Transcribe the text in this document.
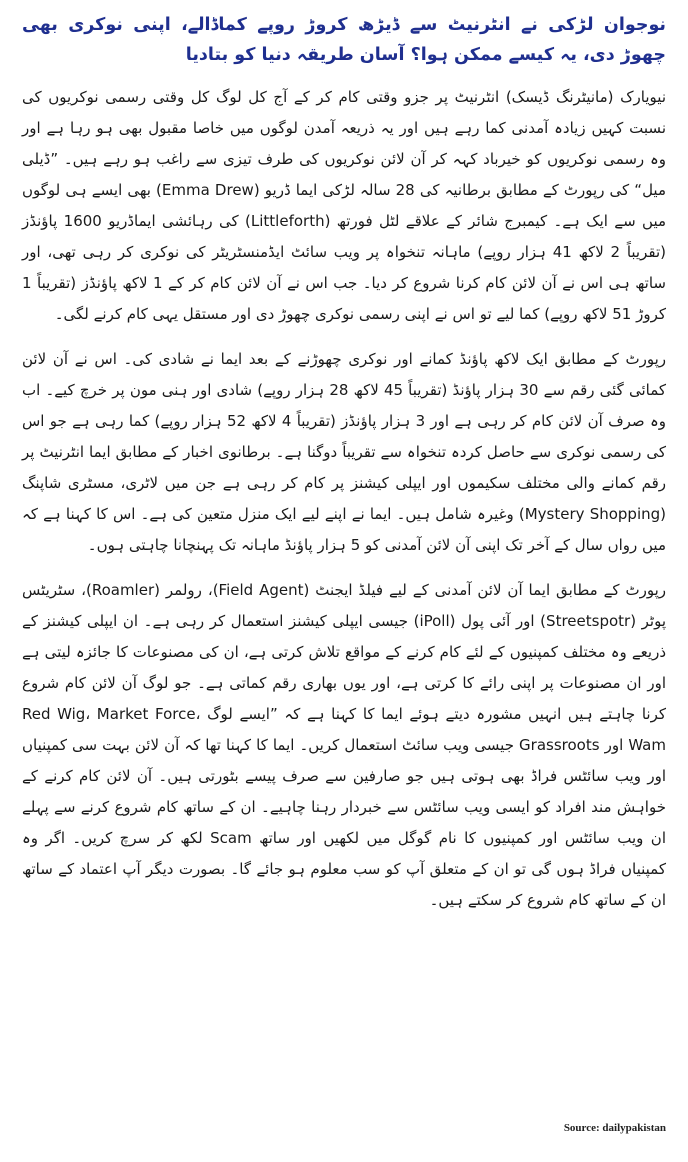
نوجوان لڑکی نے انٹرنیٹ سے ڈیڑھ کروڑ روپے کماڈالے، اپنی نوکری بھی چھوڑ دی، یہ کیسے ممکن ہوا؟ آسان طریقہ دنیا کو بتادیا

نیویارک (مانیٹرنگ ڈیسک) انٹرنیٹ پر جزو وقتی کام کر کے آج کل لوگ کل وقتی رسمی نوکریوں کی نسبت کہیں زیادہ آمدنی کما رہے ہیں اور یہ ذریعہ آمدن لوگوں میں خاصا مقبول بھی ہو رہا ہے اور وہ رسمی نوکریوں کو خیرباد کہہ کر آن لائن نوکریوں کی طرف تیزی سے راغب ہو رہے ہیں۔ ”ڈیلی میل“ کی رپورٹ کے مطابق برطانیہ کی 28 سالہ لڑکی ایما ڈریو (Emma Drew) بھی ایسے ہی لوگوں میں سے ایک ہے۔ کیمبرج شائر کے علاقے لٹل فورتھ (Littleforth) کی رہائشی ایماڈریو 1600 پاﺅنڈز (تقریباً 2 لاکھ 41 ہزار روپے) ماہانہ تنخواہ پر ویب سائٹ ایڈمنسٹریٹر کی نوکری کر رہی تھی، اور ساتھ ہی اس نے آن لائن کام کرنا شروع کر دیا۔ جب اس نے آن لائن کام کر کے 1 لاکھ پاﺅنڈز (تقریباً 1 کروڑ 51 لاکھ روپے) کما لیے تو اس نے اپنی رسمی نوکری چھوڑ دی اور مستقل یہی کام کرنے لگی۔

رپورٹ کے مطابق ایک لاکھ پاﺅنڈ کمانے اور نوکری چھوڑنے کے بعد ایما نے شادی کی۔ اس نے آن لائن کمائی گئی رقم سے 30 ہزار پاﺅنڈ (تقریباً 45 لاکھ 28 ہزار روپے) شادی اور ہنی مون پر خرچ کیے۔ اب وہ صرف آن لائن کام کر رہی ہے اور 3 ہزار پاﺅنڈز (تقریباً 4 لاکھ 52 ہزار روپے) کما رہی ہے جو اس کی رسمی نوکری سے حاصل کردہ تنخواہ سے تقریباً دوگنا ہے۔ برطانوی اخبار کے مطابق ایما انٹرنیٹ پر رقم کمانے والی مختلف سکیموں اور ایپلی کیشنز پر کام کر رہی ہے جن میں لاٹری، مسٹری شاپنگ (Mystery Shopping) وغیرہ شامل ہیں۔ ایما نے اپنے لیے ایک منزل متعین کی ہے۔ اس کا کہنا ہے کہ میں رواں سال کے آخر تک اپنی آن لائن آمدنی کو 5 ہزار پاﺅنڈ ماہانہ تک پہنچانا چاہتی ہوں۔

رپورٹ کے مطابق ایما آن لائن آمدنی کے لیے فیلڈ ایجنٹ (Field Agent)، رولمر (Roamler)، سٹریٹس پوٹر (Streetspotr) اور آئی پول (iPoll) جیسی ایپلی کیشنز استعمال کر رہی ہے۔ ان ایپلی کیشنز کے ذریعے وہ مختلف کمپنیوں کے لئے کام کرنے کے مواقع تلاش کرتی ہے، ان کی مصنوعات کا جائزہ لیتی ہے اور ان مصنوعات پر اپنی رائے کا کرتی ہے، اور یوں بھاری رقم کماتی ہے۔ جو لوگ آن لائن کام شروع کرنا چاہتے ہیں انہیں مشورہ دیتے ہوئے ایما کا کہنا ہے کہ ”ایسے لوگ Red Wig، Market Force، Wam اور Grassroots جیسی ویب سائٹ استعمال کریں۔ ایما کا کہنا تھا کہ آن لائن بہت سی کمپنیاں اور ویب سائٹس فراڈ بھی ہوتی ہیں جو صارفین سے صرف پیسے بٹورتی ہیں۔ آن لائن کام کرنے کے خواہش مند افراد کو ایسی ویب سائٹس سے خبردار رہنا چاہیے۔ ان کے ساتھ کام شروع کرنے سے پہلے ان ویب سائٹس اور کمپنیوں کا نام گوگل میں لکھیں اور ساتھ Scam لکھ کر سرچ کریں۔ اگر وہ کمپنیاں فراڈ ہوں گی تو ان کے متعلق آپ کو سب معلوم ہو جائے گا۔ بصورت دیگر آپ اعتماد کے ساتھ ان کے ساتھ کام شروع کر سکتے ہیں۔

Source: dailypakistan
